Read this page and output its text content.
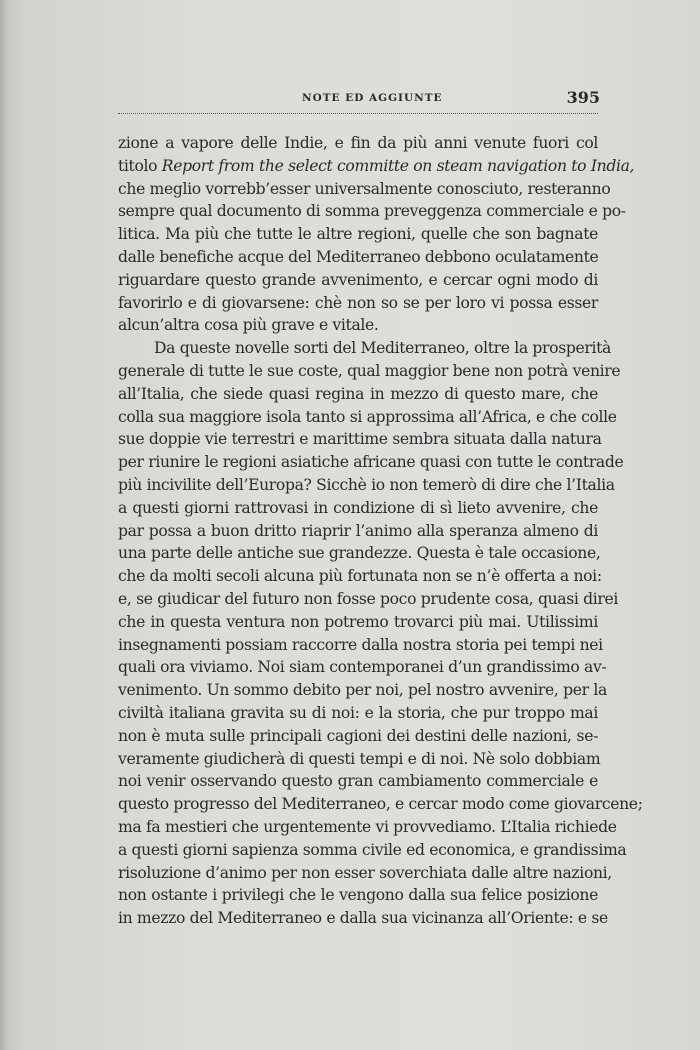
NOTE ED AGGIUNTE	395
zione a vapore delle Indie, e fin da più anni venute fuori col
titolo Report from the select committe on steam navigation to India,
che meglio vorrebb’esser universalmente conosciuto, resteranno
sempre qual documento di somma preveggenza commerciale e po-
litica. Ma più che tutte le altre regioni, quelle che son bagnate
dalle benefiche acque del Mediterraneo debbono oculatamente
riguardare questo grande avvenimento, e cercar ogni modo di
favorirlo e di giovarsene: chè non so se per loro vi possa esser
alcun’altra cosa più grave e vitale.
Da queste novelle sorti del Mediterraneo, oltre la prosperità
generale di tutte le sue coste, qual maggior bene non potrà venire
all’Italia, che siede quasi regina in mezzo di questo mare, che
colla sua maggiore isola tanto si approssima all’Africa, e che colle
sue doppie vie terrestri e marittime sembra situata dalla natura
per riunire le regioni asiatiche africane quasi con tutte le contrade
più incivilite dell’Europa? Sicchè io non temerò di dire che l’Italia
a questi giorni rattrovasi in condizione di sì lieto avvenire, che
par possa a buon dritto riaprir l’animo alla speranza almeno di
una parte delle antiche sue grandezze. Questa è tale occasione,
che da molti secoli alcuna più fortunata non se n’è offerta a noi:
e, se giudicar del futuro non fosse poco prudente cosa, quasi direi
che in questa ventura non potremo trovarci più mai. Utilissimi
insegnamenti possiam raccorre dalla nostra storia pei tempi nei
quali ora viviamo. Noi siam contemporanei d’un grandissimo av-
venimento. Un sommo debito per noi, pel nostro avvenire, per la
civiltà italiana gravita su di noi: e la storia, che pur troppo mai
non è muta sulle principali cagioni dei destini delle nazioni, se-
veramente giudicherà di questi tempi e di noi. Nè solo dobbiam
noi venir osservando questo gran cambiamento commerciale e
questo progresso del Mediterraneo, e cercar modo come giovarcene;
ma fa mestieri che urgentemente vi provvediamo. L’Italia richiede
a questi giorni sapienza somma civile ed economica, e grandissima
risoluzione d’animo per non esser soverchiata dalle altre nazioni,
non ostante i privilegi che le vengono dalla sua felice posizione
in mezzo del Mediterraneo e dalla sua vicinanza all’Oriente: e se
